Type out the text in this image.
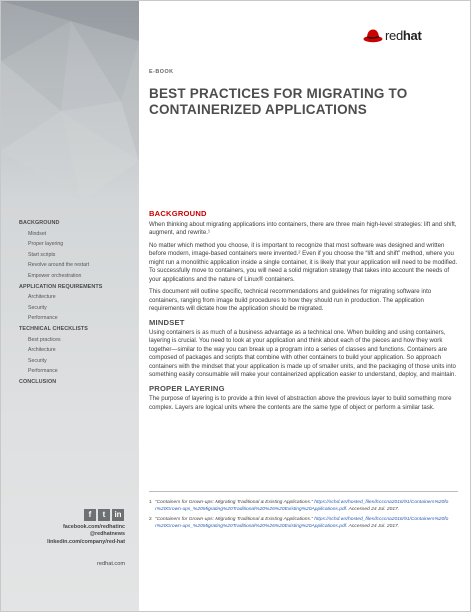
BACKGROUND
Mindset
Proper layering
Start scripts
Revolve around the restart
Empower orchestration
APPLICATION REQUIREMENTS
Architecture
Security
Performance
TECHNICAL CHECKLISTS
Best practices
Architecture
Security
Performance
CONCLUSION
f	t	in
facebook.com/redhatinc
@redhatnews
linkedin.com/company/red-hat
redhat.com
redhat
E-BOOK
BEST PRACTICES FOR MIGRATING TO
CONTAINERIZED APPLICATIONS
BACKGROUND

When thinking about migrating applications into containers, there are three main high-level strategies: lift and shift, augment, and rewrite.¹

No matter which method you choose, it is important to recognize that most software was designed and written before modern, image-based containers were invented.² Even if you choose the “lift and shift” method, where you might run a monolithic application inside a single container, it is likely that your application will need to be modified. To successfully move to containers, you will need a solid migration strategy that takes into account the needs of your applications and the nature of Linux® containers.

This document will outline specific, technical recommendations and guidelines for migrating software into containers, ranging from image build procedures to how they should run in production. The application requirements will dictate how the application should be migrated.

MINDSET

Using containers is as much of a business advantage as a technical one. When building and using containers, layering is crucial. You need to look at your application and think about each of the pieces and how they work together—similar to the way you can break up a program into a series of classes and functions. Containers are composed of packages and scripts that combine with other containers to build your application. So approach containers with the mindset that your application is made up of smaller units, and the packaging of those units into something easily consumable will make your containerized application easier to understand, deploy, and maintain.

PROPER LAYERING

The purpose of layering is to provide a thin level of abstraction above the previous layer to build something more complex. Layers are logical units where the contents are the same type of object or perform a similar task.

1 “Containers for Grown-ups: Migrating Traditional & Existing Applications.” https://schd.ws/hosted_files/lccccna2016/91/Containers%20for%20Grown-ups_%20Migrating%20Traditional%20%26%20Existing%20Applications.pdf. Accessed 24 Jul. 2017.
2 “Containers for Grown-ups: Migrating Traditional & Existing Applications.” https://schd.ws/hosted_files/lccccna2016/91/Containers%20for%20Grown-ups_%20Migrating%20Traditional%20%26%20Existing%20Applications.pdf. Accessed 24 Jul. 2017.
